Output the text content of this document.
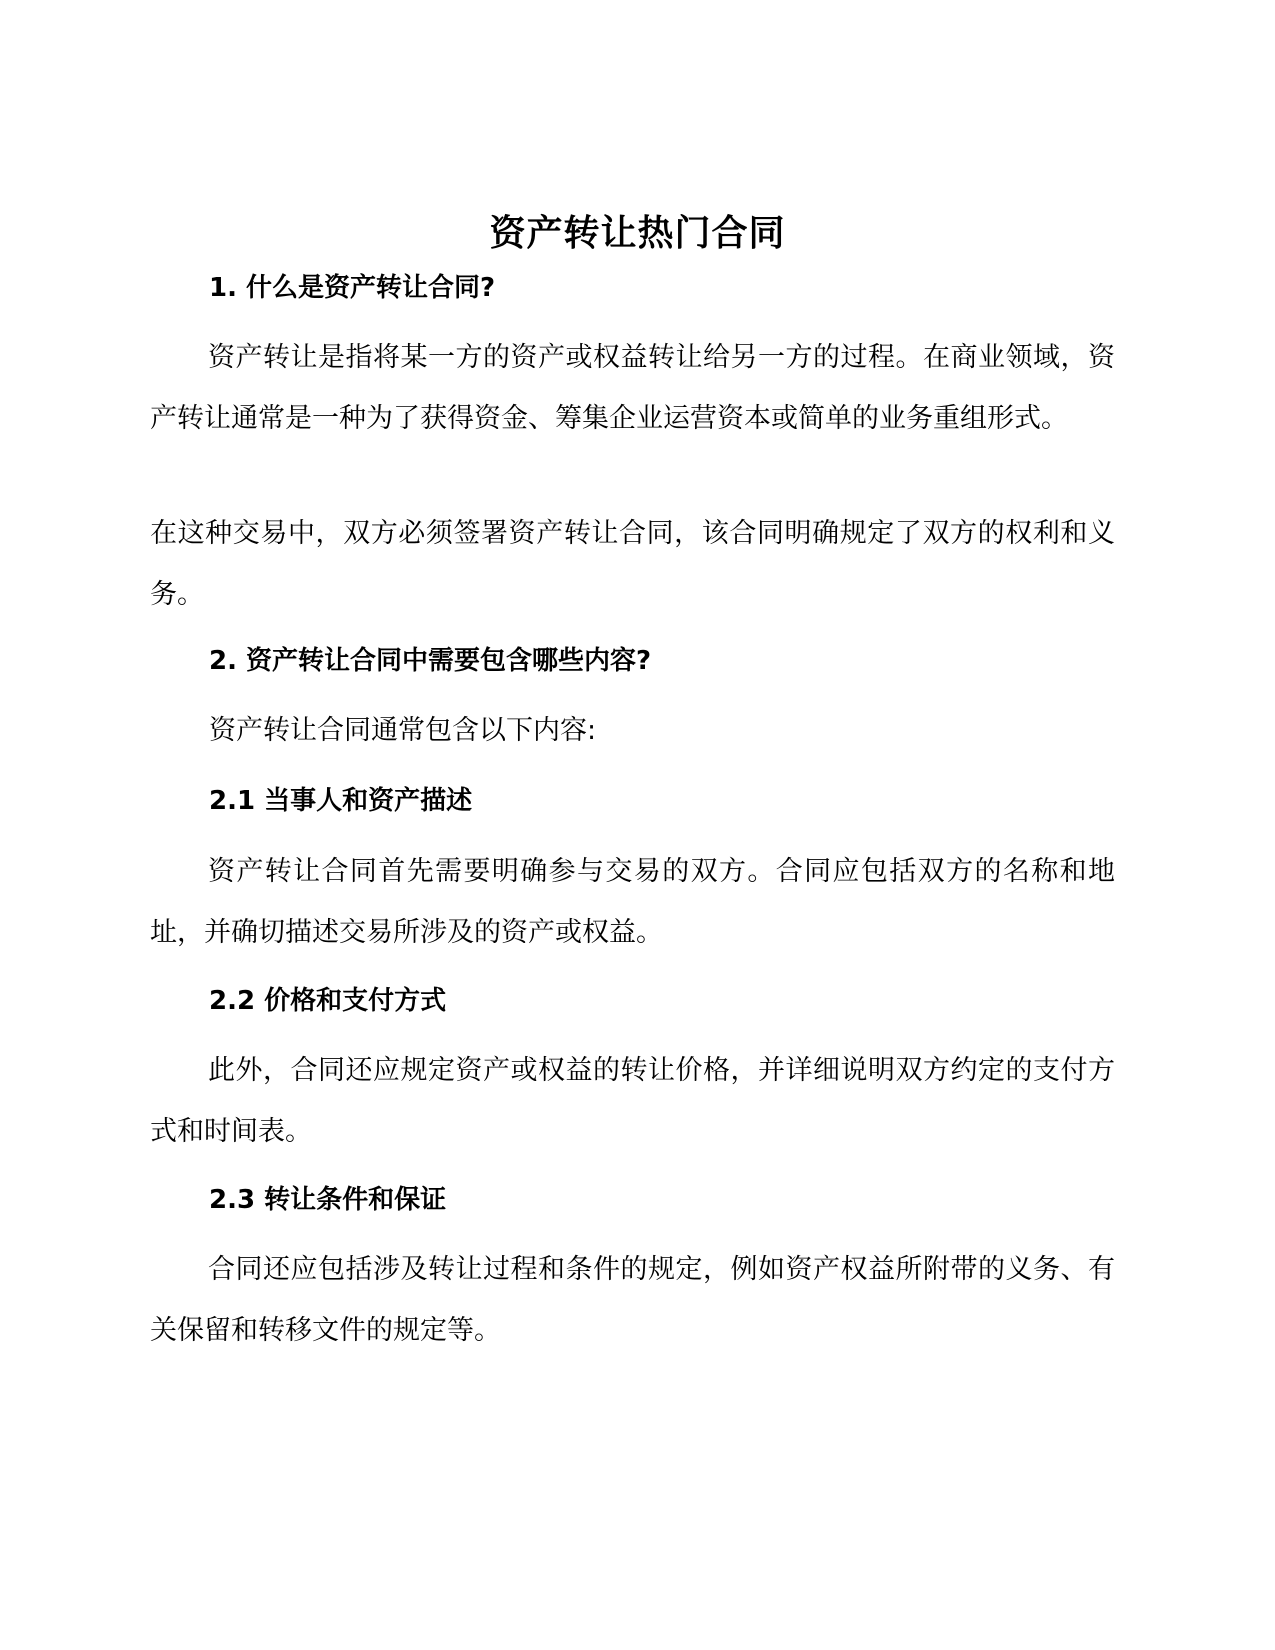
资产转让热门合同
1. 什么是资产转让合同?
资产转让是指将某一方的资产或权益转让给另一方的过程。在商业领域，资产转让通常是一种为了获得资金、筹集企业运营资本或简单的业务重组形式。
在这种交易中，双方必须签署资产转让合同，该合同明确规定了双方的权利和义务。
2. 资产转让合同中需要包含哪些内容?
资产转让合同通常包含以下内容:
2.1 当事人和资产描述
资产转让合同首先需要明确参与交易的双方。合同应包括双方的名称和地址，并确切描述交易所涉及的资产或权益。
2.2 价格和支付方式
此外，合同还应规定资产或权益的转让价格，并详细说明双方约定的支付方式和时间表。
2.3 转让条件和保证
合同还应包括涉及转让过程和条件的规定，例如资产权益所附带的义务、有关保留和转移文件的规定等。
